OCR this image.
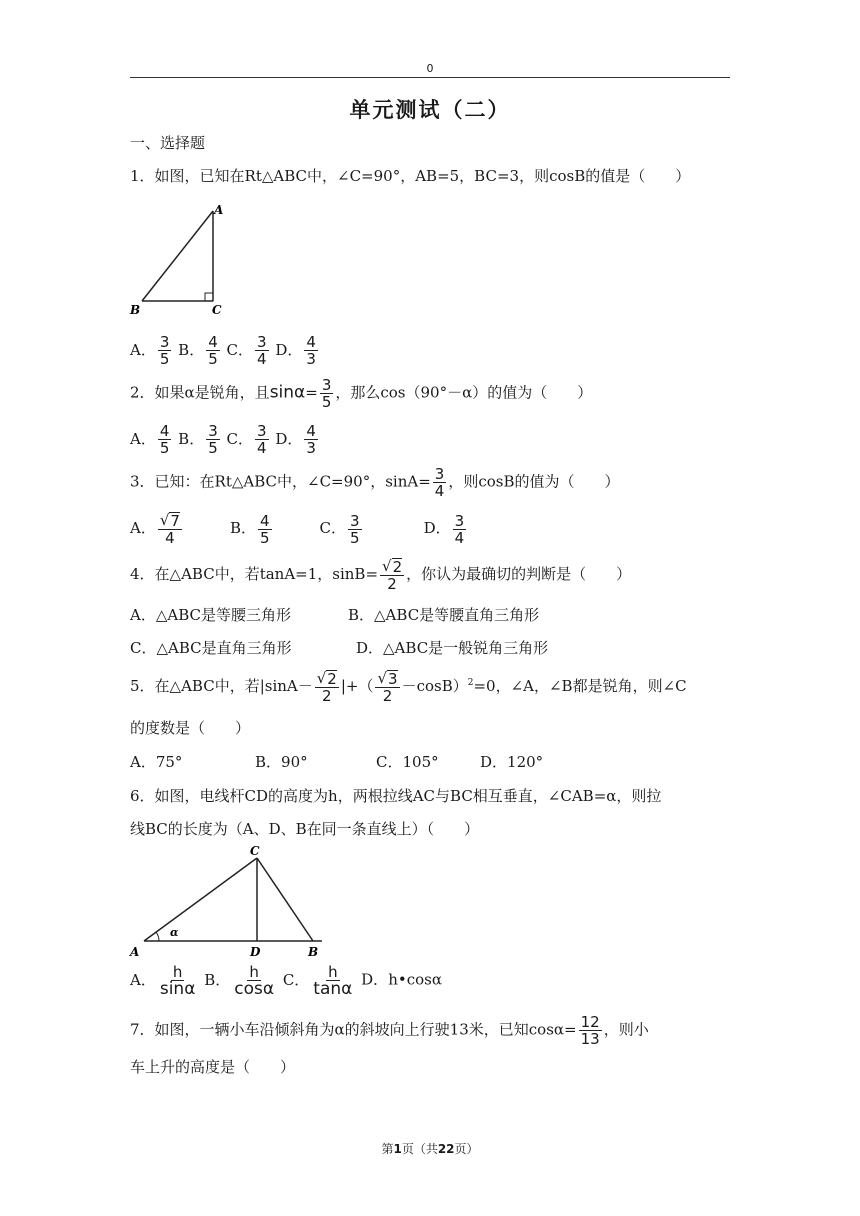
0
单元测试（二）
一、选择题
1．如图，已知在Rt△ABC中，∠C=90°，AB=5，BC=3，则cosB的值是（　　）
A
B	C
A． $\frac{3}{5}$ B． $\frac{4}{5}$ C． $\frac{3}{4}$ D． $\frac{4}{3}$
2．如果α是锐角，且$\sin\alpha= \frac{3}{5}$ ，那么cos（90°－α）的值为（　　）
A． $\frac{4}{5}$ B． $\frac{3}{5}$ C． $\frac{3}{4}$ D． $\frac{4}{3}$
3．已知：在Rt△ABC中，∠C=90°，$\sin A= \frac{3}{4}$ ，则cosB的值为（　　）
A． $\frac{√ 7}{4}$	B． $\frac{4}{5}$	C． $\frac{3}{5}$	D． $\frac{3}{4}$
4．在△ABC中，若tanA=1，$\sin B= \frac{√ 2}{2}$ ，你认为最确切的判断是（　　）
A．△ABC是等腰三角形	B．△ABC是等腰直角三角形
C．△ABC是直角三角形	D．△ABC是一般锐角三角形
5．在△ABC中，若$|\sin A- \frac{√ 2}{2}$ |+（ $\frac{√ 3}{2} -\cos B)^2=0$，∠A，∠B都是锐角，则∠C
的度数是（　　）
A．75°	B．90°	C．105°	D．120°
6．如图，电线杆CD的高度为h，两根拉线AC与BC相互垂直，∠CAB=α，则拉
线BC的长度为（A、D、B在同一条直线上）（　　）
α
C
A	D	B
A． $\frac{h}{\sin\alpha}$ B． $\frac{h}{\cos\alpha}$ C． $\frac{h}{\tan\alpha}$ D．h•cosα
7．如图，一辆小车沿倾斜角为α的斜坡向上行驶13米，已知$\cos\alpha= \frac{12}{13}$ ，则小
车上升的高度是（　　）
第1页（共22页）
